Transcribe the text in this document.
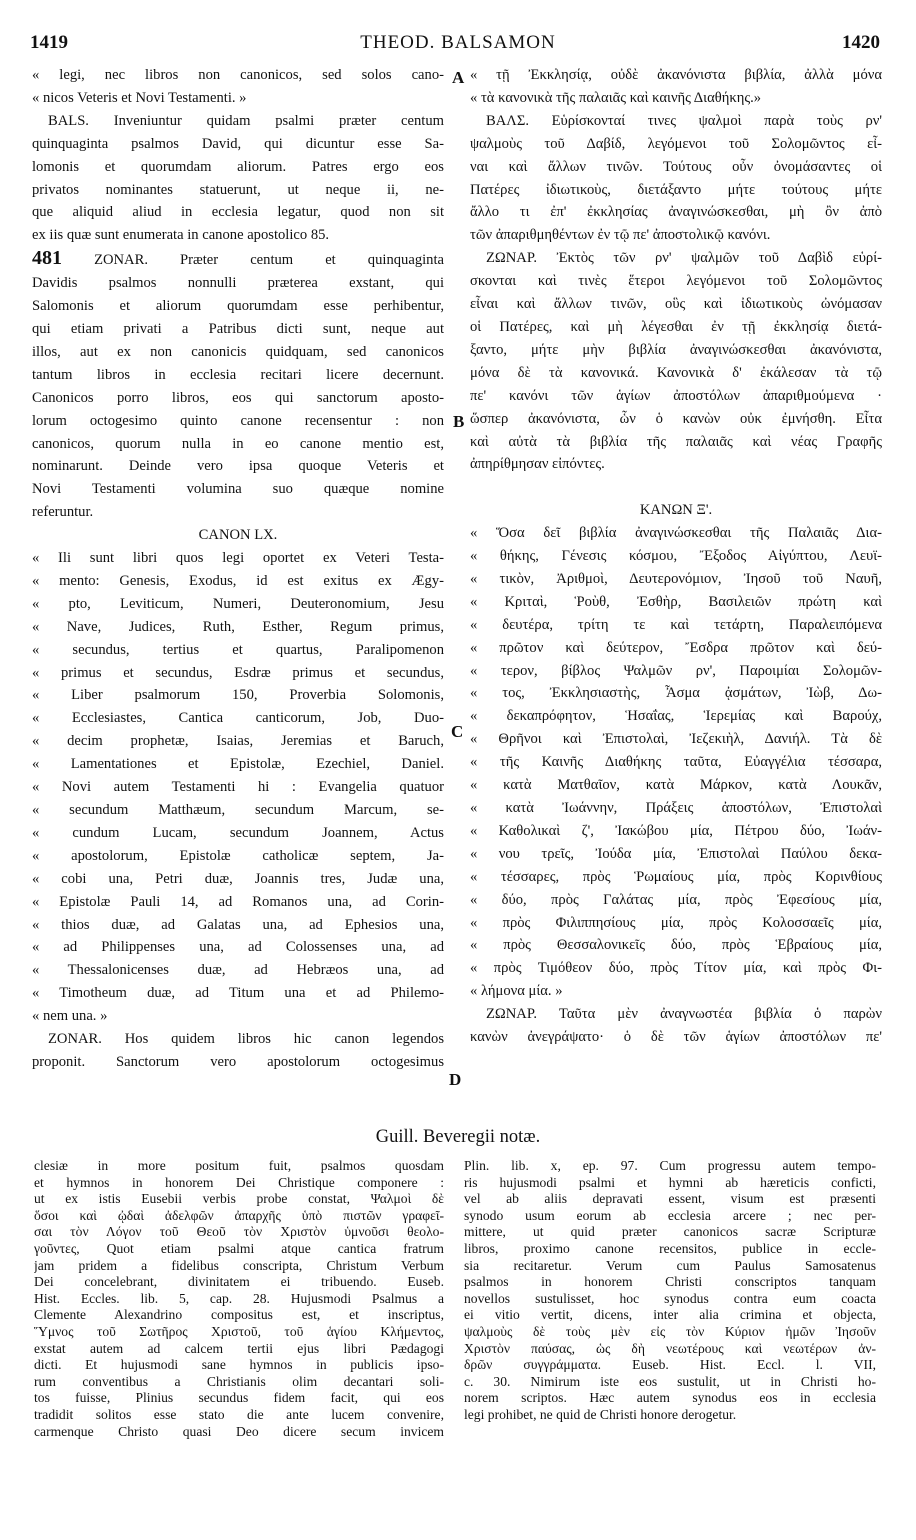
1419	THEOD. BALSAMON	1420
A
B
C
D
« legi, nec libros non canonicos, sed solos cano-
« nicos Veteris et Novi Testamenti. »
BALS. Inveniuntur quidam psalmi præter centum
quinquaginta psalmos David, qui dicuntur esse Sa-
lomonis et quorumdam aliorum. Patres ergo eos
privatos nominantes statuerunt, ut neque ii, ne-
que aliquid aliud in ecclesia legatur, quod non sit
ex iis quæ sunt enumerata in canone apostolico 85.
481 ZONAR. Præter centum et quinquaginta
Davidis psalmos nonnulli præterea exstant, qui
Salomonis et aliorum quorumdam esse perhibentur,
qui etiam privati a Patribus dicti sunt, neque aut
illos, aut ex non canonicis quidquam, sed canonicos
tantum libros in ecclesia recitari licere decernunt.
Canonicos porro libros, eos qui sanctorum aposto-
lorum octogesimo quinto canone recensentur : non
canonicos, quorum nulla in eo canone mentio est,
nominarunt. Deinde vero ipsa quoque Veteris et
Novi Testamenti volumina suo quæque nomine
referuntur.
CANON LX.
« Ili sunt libri quos legi oportet ex Veteri Testa-
« mento: Genesis, Exodus, id est exitus ex Ægy-
« pto, Leviticum, Numeri, Deuteronomium, Jesu
« Nave, Judices, Ruth, Esther, Regum primus,
« secundus, tertius et quartus, Paralipomenon
« primus et secundus, Esdræ primus et secundus,
« Liber psalmorum 150, Proverbia Solomonis,
« Ecclesiastes, Cantica canticorum, Job, Duo-
« decim prophetæ, Isaias, Jeremias et Baruch,
« Lamentationes et Epistolæ, Ezechiel, Daniel.
« Novi autem Testamenti hi : Evangelia quatuor
« secundum Matthæum, secundum Marcum, se-
« cundum Lucam, secundum Joannem, Actus
« apostolorum, Epistolæ catholicæ septem, Ja-
« cobi una, Petri duæ, Joannis tres, Judæ una,
« Epistolæ Pauli 14, ad Romanos una, ad Corin-
« thios duæ, ad Galatas una, ad Ephesios una,
« ad Philippenses una, ad Colossenses una, ad
« Thessalonicenses duæ, ad Hebræos una, ad
« Timotheum duæ, ad Titum una et ad Philemo-
« nem una. »
ZONAR. Hos quidem libros hic canon legendos
proponit. Sanctorum vero apostolorum octogesimus
« τῇ Ἐκκλησίᾳ, οὐδὲ ἀκανόνιστα βιβλία, ἀλλὰ μόνα
« τὰ κανονικὰ τῆς παλαιᾶς καὶ καινῆς Διαθήκης.»
ΒΑΛΣ. Εὑρίσκονταί τινες ψαλμοὶ παρὰ τοὺς ρν'
ψαλμοὺς τοῦ Δαβίδ, λεγόμενοι τοῦ Σολομῶντος εἶ-
ναι καὶ ἄλλων τινῶν. Τούτους οὖν ὀνομάσαντες οἱ
Πατέρες ἰδιωτικοὺς, διετάξαντο μήτε τούτους μήτε
ἄλλο τι ἐπ' ἐκκλησίας ἀναγινώσκεσθαι, μὴ ὂν ἀπὸ
τῶν ἀπαριθμηθέντων ἐν τῷ πε' ἀποστολικῷ κανόνι.
ΖΩΝΑΡ. Ἐκτὸς τῶν ρν' ψαλμῶν τοῦ Δαβὶδ εὑρί-
σκονται καὶ τινὲς ἕτεροι λεγόμενοι τοῦ Σολομῶντος
εἶναι καὶ ἄλλων τινῶν, οὓς καὶ ἰδιωτικοὺς ὠνόμασαν
οἱ Πατέρες, καὶ μὴ λέγεσθαι ἐν τῇ ἐκκλησίᾳ διετά-
ξαντο, μήτε μὴν βιβλία ἀναγινώσκεσθαι ἀκανόνιστα,
μόνα δὲ τὰ κανονικά. Κανονικὰ δ' ἐκάλεσαν τὰ τῷ
πε' κανόνι τῶν ἁγίων ἀποστόλων ἀπαριθμούμενα ·
ὥσπερ ἀκανόνιστα, ὧν ὁ κανὼν οὐκ ἐμνήσθη. Εἶτα
καὶ αὐτὰ τὰ βιβλία τῆς παλαιᾶς καὶ νέας Γραφῆς
ἀπηρίθμησαν εἰπόντες.

ΚΑΝΩΝ Ξ'.
« Ὅσα δεῖ βιβλία ἀναγινώσκεσθαι τῆς Παλαιᾶς Δια-
« θήκης, Γένεσις κόσμου, Ἔξοδος Αἰγύπτου, Λευϊ-
« τικὸν, Ἀριθμοὶ, Δευτερονόμιον, Ἰησοῦ τοῦ Ναυῆ,
« Κριταὶ, Ῥοὺθ, Ἐσθὴρ, Βασιλειῶν πρώτη καὶ
« δευτέρα, τρίτη τε καὶ τετάρτη, Παραλειπόμενα
« πρῶτον καὶ δεύτερον, Ἔσδρα πρῶτον καὶ δεύ-
« τερον, βίβλος Ψαλμῶν ρν', Παροιμίαι Σολομῶν-
« τος, Ἐκκλησιαστὴς, Ἆσμα ᾀσμάτων, Ἰὼβ, Δω-
« δεκαπρόφητον, Ἡσαΐας, Ἱερεμίας καὶ Βαρούχ,
« Θρῆνοι καὶ Ἐπιστολαὶ, Ἰεζεκιὴλ, Δανιήλ. Τὰ δὲ
« τῆς Καινῆς Διαθήκης ταῦτα, Εὐαγγέλια τέσσαρα,
« κατὰ Ματθαῖον, κατὰ Μάρκον, κατὰ Λουκᾶν,
« κατὰ Ἰωάννην, Πράξεις ἀποστόλων, Ἐπιστολαὶ
« Καθολικαὶ ζ', Ἰακώβου μία, Πέτρου δύο, Ἰωάν-
« νου τρεῖς, Ἰούδα μία, Ἐπιστολαὶ Παύλου δεκα-
« τέσσαρες, πρὸς Ῥωμαίους μία, πρὸς Κορινθίους
« δύο, πρὸς Γαλάτας μία, πρὸς Ἐφεσίους μία,
« πρὸς Φιλιππησίους μία, πρὸς Κολοσσαεῖς μία,
« πρὸς Θεσσαλονικεῖς δύο, πρὸς Ἑβραίους μία,
« πρὸς Τιμόθεον δύο, πρὸς Τίτον μία, καὶ πρὸς Φι-
« λήμονα μία. »
ΖΩΝΑΡ. Ταῦτα μὲν ἀναγνωστέα βιβλία ὁ παρὼν
κανὼν ἀνεγράψατο· ὁ δὲ τῶν ἁγίων ἀποστόλων πε'
Guill. Beveregii notæ.
clesiæ in more positum fuit, psalmos quosdam
et hymnos in honorem Dei Christique componere :
ut ex istis Eusebii verbis probe constat, Ψαλμοὶ δὲ
ὅσοι καὶ ᾠδαὶ ἀδελφῶν ἀπαρχῆς ὑπὸ πιστῶν γραφεῖ-
σαι τὸν Λόγον τοῦ Θεοῦ τὸν Χριστὸν ὑμνοῦσι θεολο-
γοῦντες, Quot etiam psalmi atque cantica fratrum
jam pridem a fidelibus conscripta, Christum Verbum
Dei concelebrant, divinitatem ei tribuendo. Euseb.
Hist. Eccles. lib. 5, cap. 28. Hujusmodi Psalmus a
Clemente Alexandrino compositus est, et inscriptus,
Ὕμνος τοῦ Σωτῆρος Χριστοῦ, τοῦ ἁγίου Κλήμεντος,
exstat autem ad calcem tertii ejus libri Pædagogi
dicti. Et hujusmodi sane hymnos in publicis ipso-
rum conventibus a Christianis olim decantari soli-
tos fuisse, Plinius secundus fidem facit, qui eos
tradidit solitos esse stato die ante lucem convenire,
carmenque Christo quasi Deo dicere secum invicem
Plin. lib. x, ep. 97. Cum progressu autem tempo-
ris hujusmodi psalmi et hymni ab hæreticis conficti,
vel ab aliis depravati essent, visum est præsenti
synodo usum eorum ab ecclesia arcere ; nec per-
mittere, ut quid præter canonicos sacræ Scripturæ
libros, proximo canone recensitos, publice in eccle-
sia recitaretur. Verum cum Paulus Samosatenus
psalmos in honorem Christi conscriptos tanquam
novellos sustulisset, hoc synodus contra eum coacta
ei vitio vertit, dicens, inter alia crimina et objecta,
ψαλμοὺς δὲ τοὺς μὲν εἰς τὸν Κύριον ἡμῶν Ἰησοῦν
Χριστὸν παύσας, ὡς δὴ νεωτέρους καὶ νεωτέρων ἀν-
δρῶν συγγράμματα. Euseb. Hist. Eccl. l. VII,
c. 30. Nimirum iste eos sustulit, ut in Christi ho-
norem scriptos. Hæc autem synodus eos in ecclesia
legi prohibet, ne quid de Christi honore derogetur.
